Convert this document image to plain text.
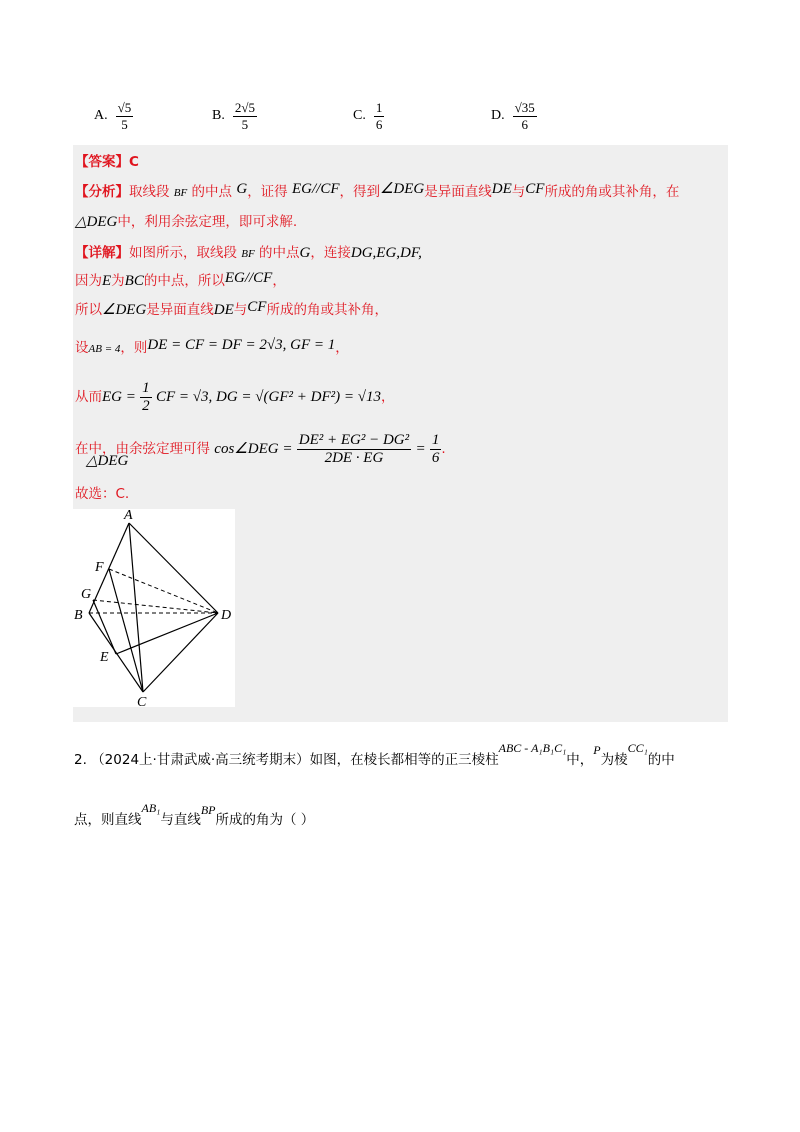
A. $\frac{√5}{5}$	B. $\frac{2√5}{5}$	C. $\frac{1}{6}$	D. $\frac{√35}{6}$
【答案】C
【分析】取线段 BF 的中点 G，证得 EG//CF，得到∠DEG是异面直线DE与CF所成的角或其补角，在
△DEG中，利用余弦定理，即可求解.
【详解】如图所示，取线段 BF 的中点G，连接DG,EG,DF,
因为E为BC的中点，所以EG//CF，
所以∠DEG是异面直线DE与CF所成的角或其补角，
设AB = 4，则DE = CF = DF = 2√3, GF = 1，
从而EG = $\frac{1}{2}$ CF = √3, DG = √(GF² + DF²) = √13，
在中，由余弦定理可得 cos∠DEG = $\frac{\text{DE² + EG² − DG²}}{2DE \cdot EG} = \frac{1}{6}$ .
△DEG
故选：C.
A
F
G
B
E
C
D
2. （2024上·甘肃武威·高三统考期末）如图，在棱长都相等的正三棱柱ABC - A₁B₁C₁中，P为棱CC₁的中
点，则直线AB₁与直线BP所成的角为（ ）
